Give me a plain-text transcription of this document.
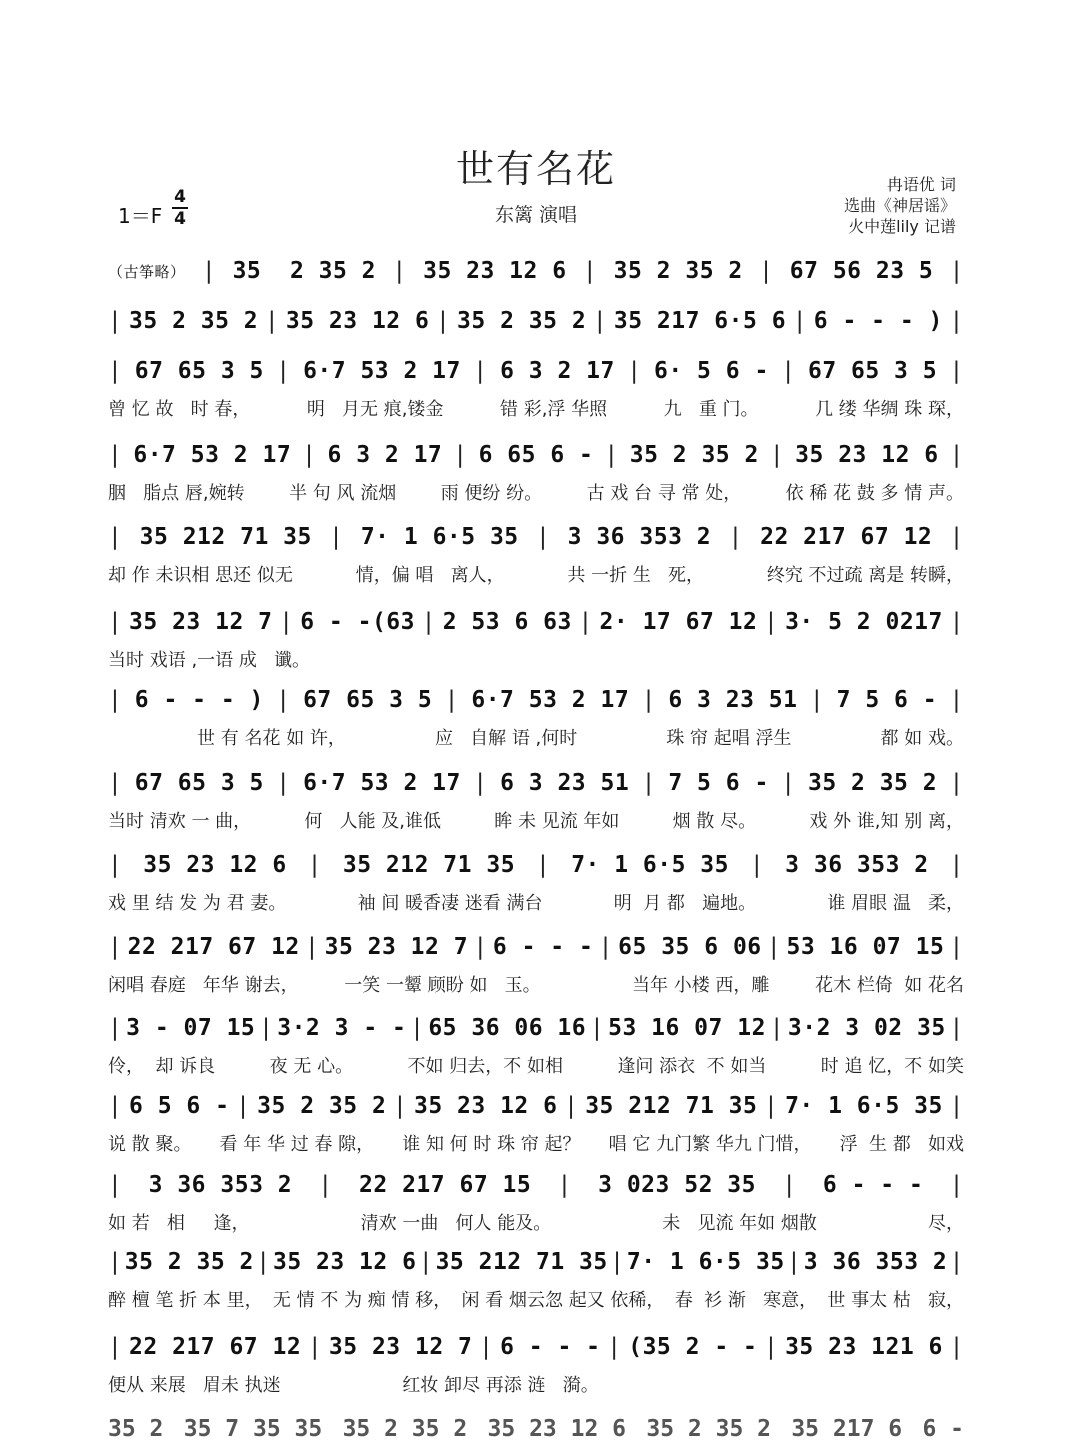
世有名花
东篱 演唱
1＝F
4
4
冉语优 词
选曲《神居谣》
火中莲lily 记谱
（古筝略） | 35  2 35 2 | 35 23 12 6 | 35 2 35 2 | 67 56 23 5 |
| 35 2 35 2 | 35 23 12 6 | 35 2 35 2 | 35 217 6·5 6 | 6 - - - ) |
| 67 65 3 5 | 6·7 53 2 17 | 6 3 2 17 | 6· 5 6 - | 67 65 3 5 |
曾 忆 故   时 春，	明   月无 痕,镂金	错 彩,浮 华照	九   重 门。	几 缕 华绸 珠 琛，
| 6·7 53 2 17 | 6 3 2 17 | 6 65 6 - | 35 2 35 2 | 35 23 12 6 |
胭   脂点 唇,婉转 半 句 风 流烟 雨 便纷 纷。 古 戏 台 寻 常 处， 依 稀 花 鼓 多 情 声。
| 35 212 71 35 | 7· 1 6·5 35 | 3 36 353 2 | 22 217 67 12 |
却 作 未识相 思还 似无	情，偏 唱   离人，	共 一折 生   死，	终究 不过疏 离是 转瞬，
| 35 23 12 7 | 6 - -(63 | 2 53 6 63 | 2· 17 67 12 | 3· 5 2 0217 |
当时 戏语 ,一语 成   谶。
| 6 - - - ) | 67 65 3 5 | 6·7 53 2 17 | 6 3 23 51 | 7 5 6 - |
世 有 名花 如 许，	应   自解 语 ,何时	珠 帘 起唱 浮生	都 如 戏。
| 67 65 3 5 | 6·7 53 2 17 | 6 3 23 51 | 7 5 6 - | 35 2 35 2 |
当时 清欢 一 曲，	何   人能 及,谁低	眸 未 见流 年如	烟 散 尽。	戏 外 谁,知 别 离，
| 35 23 12 6 | 35 212 71 35 | 7· 1 6·5 35 | 3 36 353 2 |
戏 里 结 发 为 君 妻。	袖 间 暖香凄 迷看 满台	明  月 都   遍地。	谁 眉眼 温   柔，
| 22 217 67 12 | 35 23 12 7 | 6 - - - | 65 35 6 06 | 53 16 07 15 |
闲唱 春庭   年华 谢去，	一笑 一颦 顾盼 如   玉。	当年 小楼 西，雕	花木 栏倚  如 花名
| 3 - 07 15 | 3·2 3 - - | 65 36 06 16 | 53 16 07 12 | 3·2 3 02 35 |
伶，  却 诉良	夜 无 心。	不如 归去，不 如相	逢问 添衣  不 如当	时 追 忆，不 如笑
| 6 5 6 - | 35 2 35 2 | 35 23 12 6 | 35 212 71 35 | 7· 1 6·5 35 |
说 散 聚。 看 年 华 过 春 隙， 谁 知 何 时 珠 帘 起？ 唱 它 九门繁 华九 门惜， 浮  生 都   如戏
| 3 36 353 2 | 22 217 67 15 | 3 023 52 35 | 6 - - - |
如 若   相     逢，	清欢 一曲   何人 能及。	未   见流 年如 烟散	尽，
| 35 2 35 2 | 35 23 12 6 | 35 212 71 35 | 7· 1 6·5 35 | 3 36 353 2 |
醉 檀 笔 折 本 里， 无 情 不 为 痴 情 移， 闲 看 烟云忽 起又 依稀， 春  衫 渐   寒意， 世 事太 枯   寂，
| 22 217 67 12 | 35 23 12 7 | 6 - - - | (35 2 - - | 35 23 121 6 |
便从 来展   眉未 执迷	红妆 卸尽 再添 涟   漪。
35 2 35 7 35 35 35 2 35 2 35 23 12 6 35 2 35 2 35 217 6 6 -
